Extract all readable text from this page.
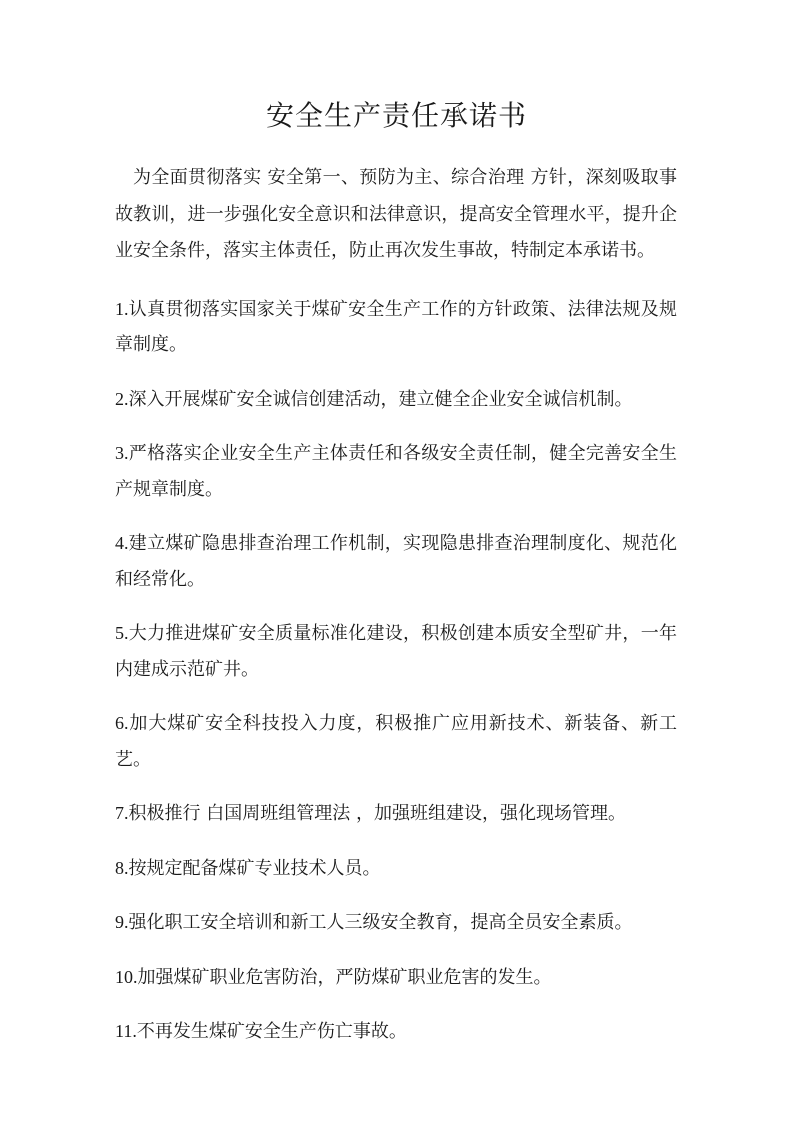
安全生产责任承诺书

为全面贯彻落实 安全第一、预防为主、综合治理 方针，深刻吸取事故教训，进一步强化安全意识和法律意识，提高安全管理水平，提升企业安全条件，落实主体责任，防止再次发生事故，特制定本承诺书。

1.认真贯彻落实国家关于煤矿安全生产工作的方针政策、法律法规及规章制度。

2.深入开展煤矿安全诚信创建活动，建立健全企业安全诚信机制。

3.严格落实企业安全生产主体责任和各级安全责任制，健全完善安全生产规章制度。

4.建立煤矿隐患排查治理工作机制，实现隐患排查治理制度化、规范化和经常化。

5.大力推进煤矿安全质量标准化建设，积极创建本质安全型矿井，一年内建成示范矿井。

6.加大煤矿安全科技投入力度，积极推广应用新技术、新装备、新工艺。

7.积极推行 白国周班组管理法 ，加强班组建设，强化现场管理。

8.按规定配备煤矿专业技术人员。

9.强化职工安全培训和新工人三级安全教育，提高全员安全素质。

10.加强煤矿职业危害防治，严防煤矿职业危害的发生。

11.不再发生煤矿安全生产伤亡事故。
